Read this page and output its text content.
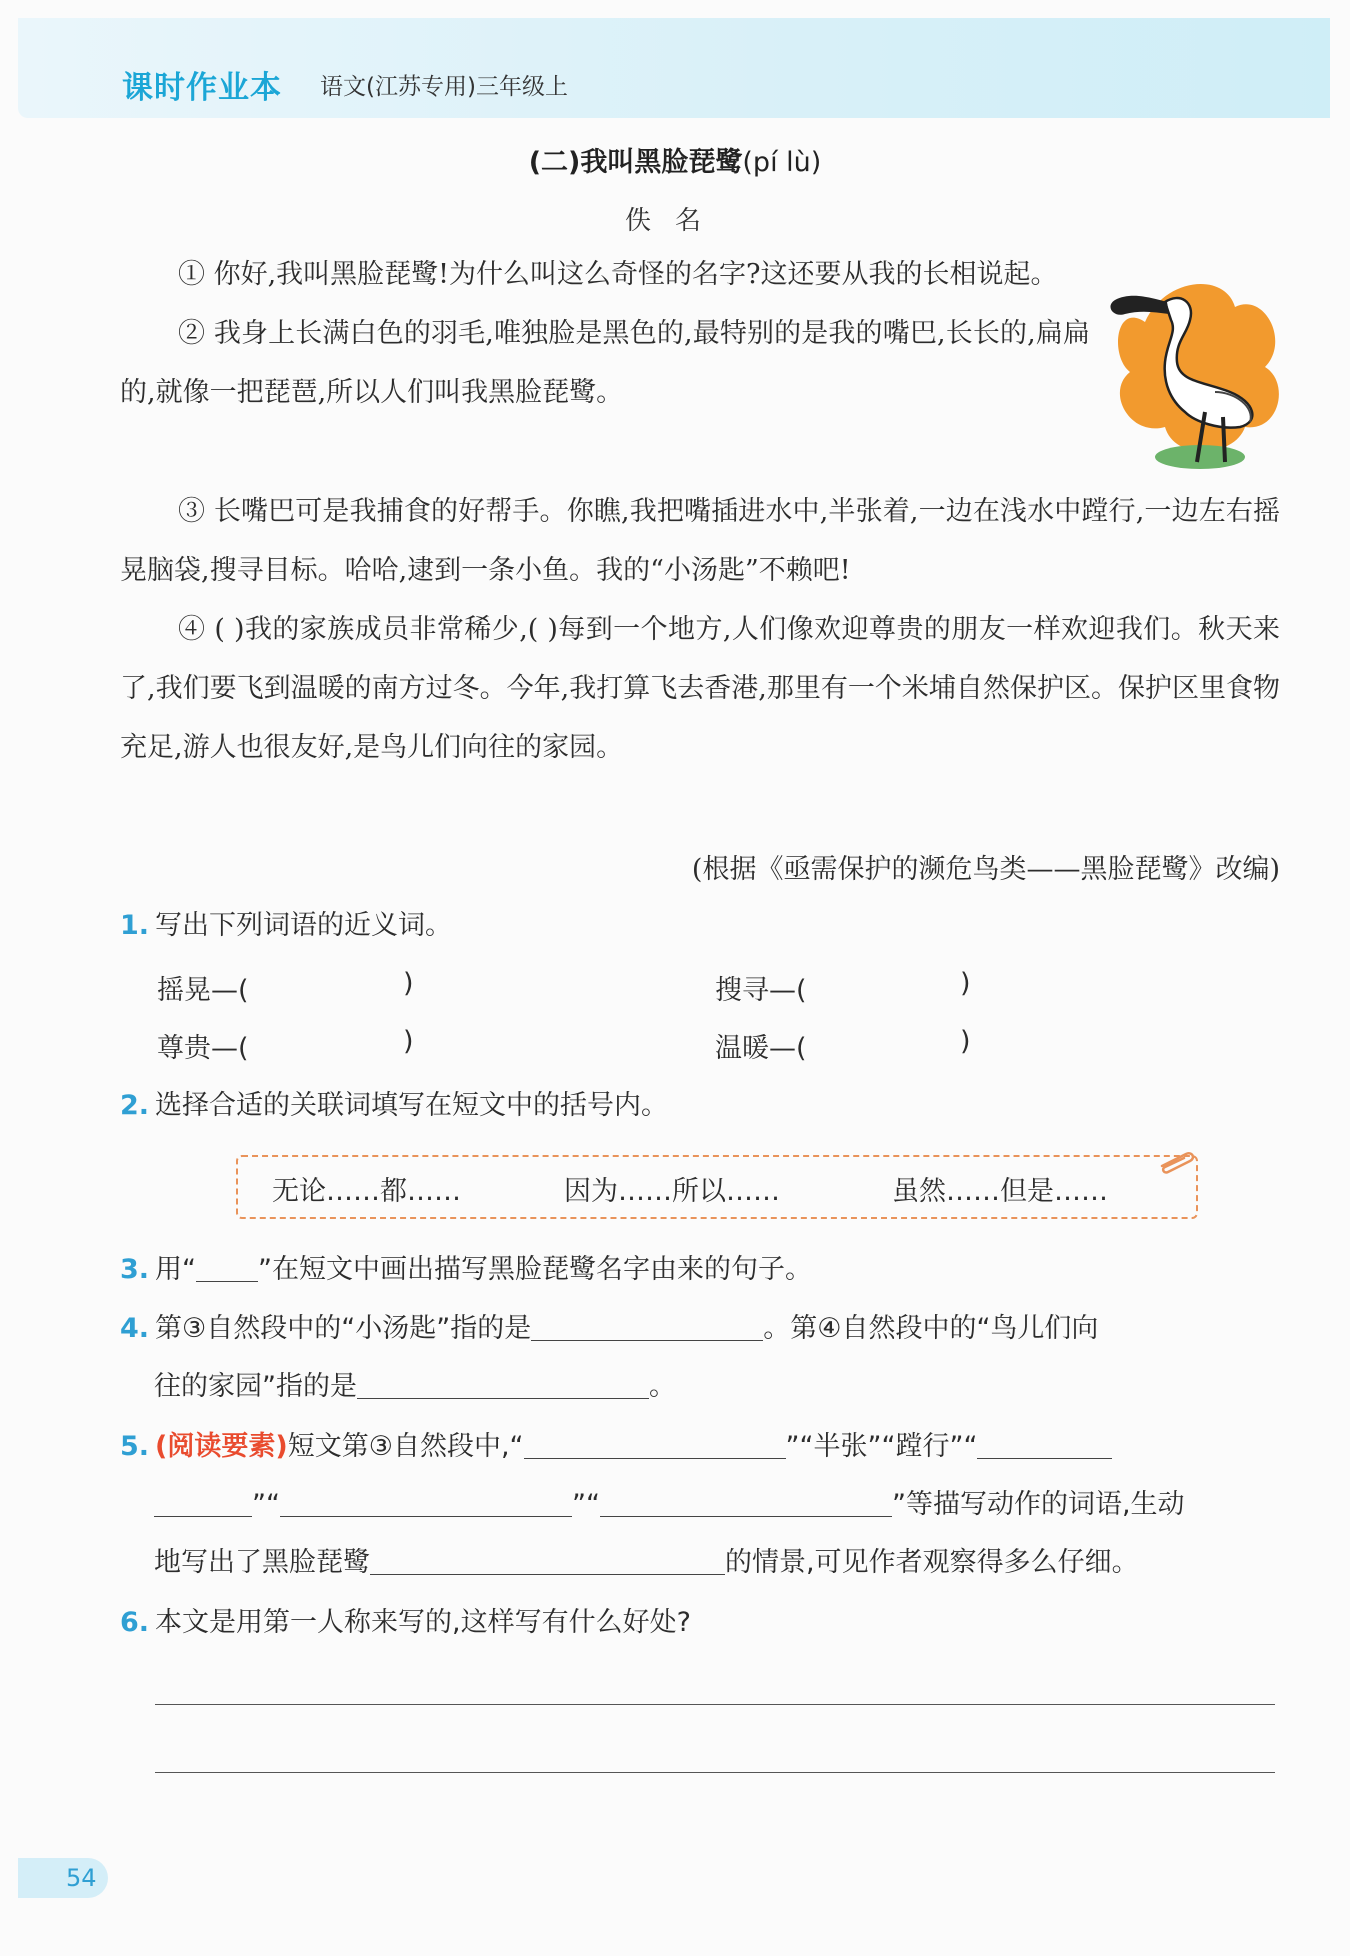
课时作业本 语文(江苏专用)三年级上
(二)我叫黑脸琵鹭(pí lù)
佚名

① 你好,我叫黑脸琵鹭!为什么叫这么奇怪的名字?这还要从我的长相说起。

② 我身上长满白色的羽毛,唯独脸是黑色的,最特别的是我的嘴巴,长长的,扁扁的,就像一把琵琶,所以人们叫我黑脸琵鹭。

③ 长嘴巴可是我捕食的好帮手。你瞧,我把嘴插进水中,半张着,一边在浅水中蹚行,一边左右摇晃脑袋,搜寻目标。哈哈,逮到一条小鱼。我的“小汤匙”不赖吧!

④ ( )我的家族成员非常稀少,( )每到一个地方,人们像欢迎尊贵的朋友一样欢迎我们。秋天来了,我们要飞到温暖的南方过冬。今年,我打算飞去香港,那里有一个米埔自然保护区。保护区里食物充足,游人也很友好,是鸟儿们向往的家园。

(根据《亟需保护的濒危鸟类——黑脸琵鹭》改编)
1. 写出下列词语的近义词。
摇晃—(	)	搜寻—(	)
尊贵—(	)	温暖—(	)
2. 选择合适的关联词填写在短文中的括号内。
无论……都……	因为……所以……	虽然……但是……
3. 用“ ”在短文中画出描写黑脸琵鹭名字由来的句子。
4. 第③自然段中的“小汤匙”指的是	。第④自然段中的“鸟儿们向
往的家园”指的是	。
5. (阅读要素)短文第③自然段中,“	”“半张”“蹚行”“
”“	”“	”等描写动作的词语,生动
地写出了黑脸琵鹭	的情景,可见作者观察得多么仔细。
6. 本文是用第一人称来写的,这样写有什么好处?
54
